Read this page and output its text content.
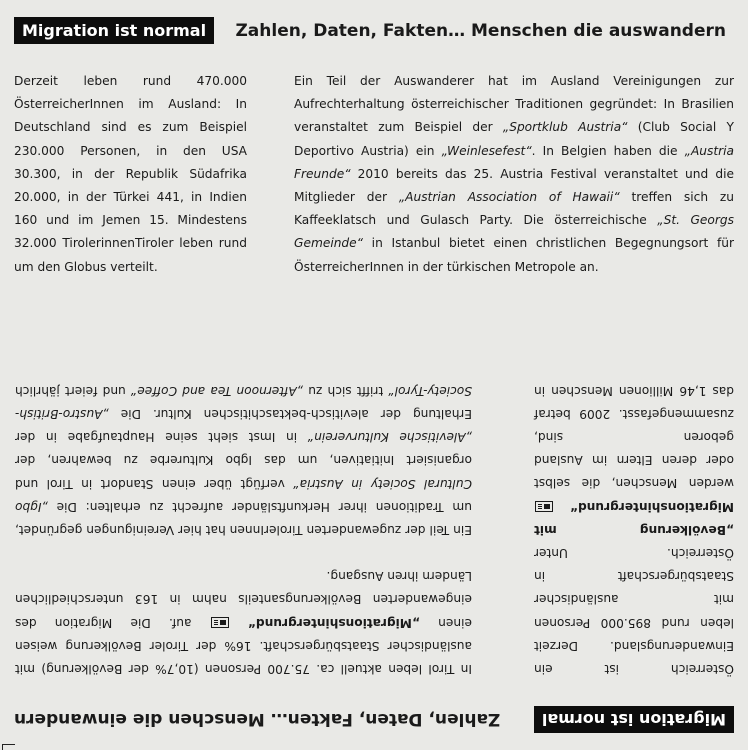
Migration ist normal	Zahlen, Daten, Fakten… Menschen die auswandern

Derzeit leben rund 470.000 ÖsterreicherInnen im Ausland: In Deutschland sind es zum Beispiel 230.000 Personen, in den USA 30.300, in der Republik Südafrika 20.000, in der Türkei 441, in Indien 160 und im Jemen 15. Mindestens 32.000 TirolerinnenTiroler leben rund um den Globus verteilt.

Ein Teil der Auswanderer hat im Ausland Vereinigungen zur Aufrechterhaltung österreichischer Traditionen gegründet: In Brasilien veranstaltet zum Beispiel der „Sportklub Austria“ (Club Social Y Deportivo Austria) ein „Weinlesefest“. In Belgien haben die „Austria Freunde“ 2010 bereits das 25. Austria Festival veranstaltet und die Mitglieder der „Austrian Association of Hawaii“ treffen sich zu Kaffeeklatsch und Gulasch Party. Die österreichische „St. Georgs Gemeinde“ in Istanbul bietet einen christlichen Begegnungsort für ÖsterreicherInnen in der türkischen Metropole an.

Migration ist normal
Zahlen, Daten, Fakten… Menschen die einwandern

Österreich ist ein Einwanderungsland. Derzeit leben rund 895.000 Personen mit ausländischer Staatsbürgerschaft in Österreich. Unter „Bevölkerung mit Migrationshintergrund“  werden Menschen, die selbst oder deren Eltern im Ausland geboren sind, zusammengefasst. 2009 betraf das 1,46 Millionen Menschen in

In Tirol leben aktuell ca. 75.700 Personen (10,7% der Bevölkerung) mit ausländischer Staatsbürgerschaft. 16% der Tiroler Bevölkerung weisen einen „Migrationshintergrund“  auf. Die Migration des eingewanderten Bevölkerungsanteils nahm in 163 unterschiedlichen Ländern ihren Ausgang.

Ein Teil der zugewanderten TirolerInnen hat hier Vereinigungen gegründet, um Traditionen ihrer Herkunftsländer aufrecht zu erhalten: Die „Igbo Cultural Society in Austria“ verfügt über einen Standort in Tirol und organisiert Initiativen, um das Igbo Kulturerbe zu bewahren, der „Alevitische Kulturverein“ in Imst sieht seine Hauptaufgabe in der Erhaltung der alevitisch-bektaschitischen Kultur. Die „Austro-British-Society-Tyrol“ trifft sich zu „Afternoon Tea and Coffee“ und feiert jährlich
